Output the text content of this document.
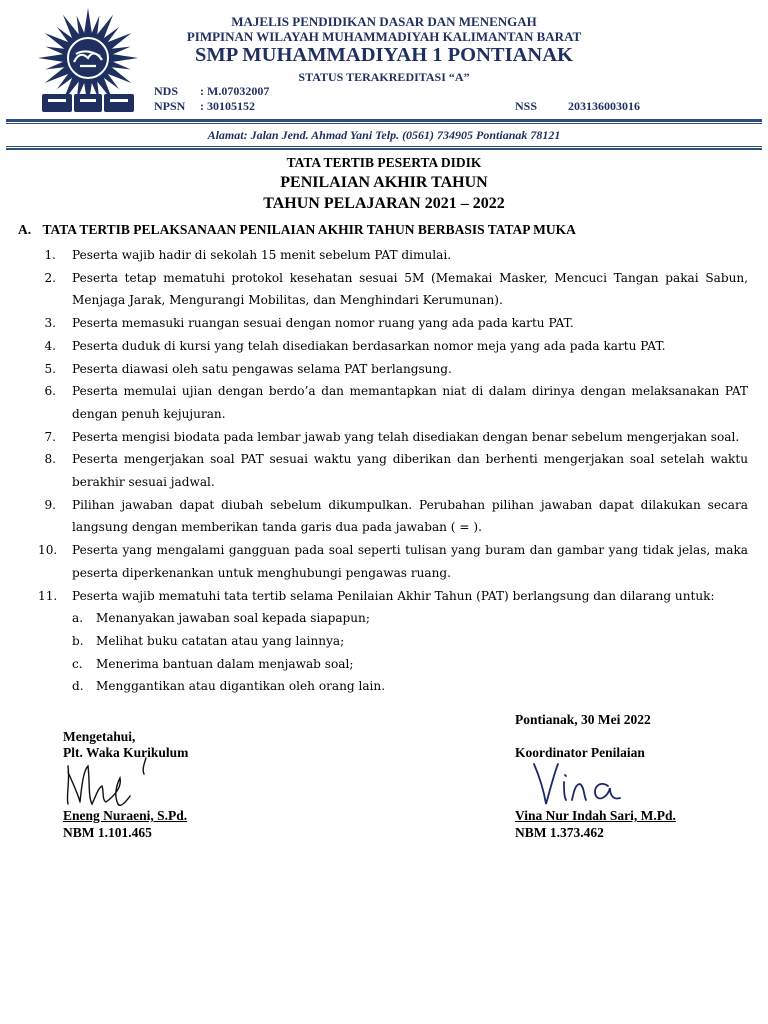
MAJELIS PENDIDIKAN DASAR DAN MENENGAH
PIMPINAN WILAYAH MUHAMMADIYAH KALIMANTAN BARAT
SMP MUHAMMADIYAH 1 PONTIANAK
STATUS TERAKREDITASI “A”
NDS : M.07032007
NPSN : 30105152	NSS	203136003016
Alamat: Jalan Jend. Ahmad Yani Telp. (0561) 734905 Pontianak 78121
TATA TERTIB PESERTA DIDIK
PENILAIAN AKHIR TAHUN
TAHUN PELAJARAN 2021 – 2022
A. TATA TERTIB PELAKSANAAN PENILAIAN AKHIR TAHUN BERBASIS TATAP MUKA
1. Peserta wajib hadir di sekolah 15 menit sebelum PAT dimulai.
2. Peserta tetap mematuhi protokol kesehatan sesuai 5M (Memakai Masker, Mencuci Tangan pakai Sabun, Menjaga Jarak, Mengurangi Mobilitas, dan Menghindari Kerumunan).
3. Peserta memasuki ruangan sesuai dengan nomor ruang yang ada pada kartu PAT.
4. Peserta duduk di kursi yang telah disediakan berdasarkan nomor meja yang ada pada kartu PAT.
5. Peserta diawasi oleh satu pengawas selama PAT berlangsung.
6. Peserta memulai ujian dengan berdo’a dan memantapkan niat di dalam dirinya dengan melaksanakan PAT dengan penuh kejujuran.
7. Peserta mengisi biodata pada lembar jawab yang telah disediakan dengan benar sebelum mengerjakan soal.
8. Peserta mengerjakan soal PAT sesuai waktu yang diberikan dan berhenti mengerjakan soal setelah waktu berakhir sesuai jadwal.
9. Pilihan jawaban dapat diubah sebelum dikumpulkan. Perubahan pilihan jawaban dapat dilakukan secara langsung dengan memberikan tanda garis dua pada jawaban ( = ).
10. Peserta yang mengalami gangguan pada soal seperti tulisan yang buram dan gambar yang tidak jelas, maka peserta diperkenankan untuk menghubungi pengawas ruang.
11. Peserta wajib mematuhi tata tertib selama Penilaian Akhir Tahun (PAT) berlangsung dan dilarang untuk:
a. Menanyakan jawaban soal kepada siapapun;
b. Melihat buku catatan atau yang lainnya;
c. Menerima bantuan dalam menjawab soal;
d. Menggantikan atau digantikan oleh orang lain.
Pontianak, 30 Mei 2022
Mengetahui,
Plt. Waka Kurikulum	Koordinator Penilaian
Eneng Nuraeni, S.Pd.	Vina Nur Indah Sari, M.Pd.
NBM 1.101.465	NBM 1.373.462
